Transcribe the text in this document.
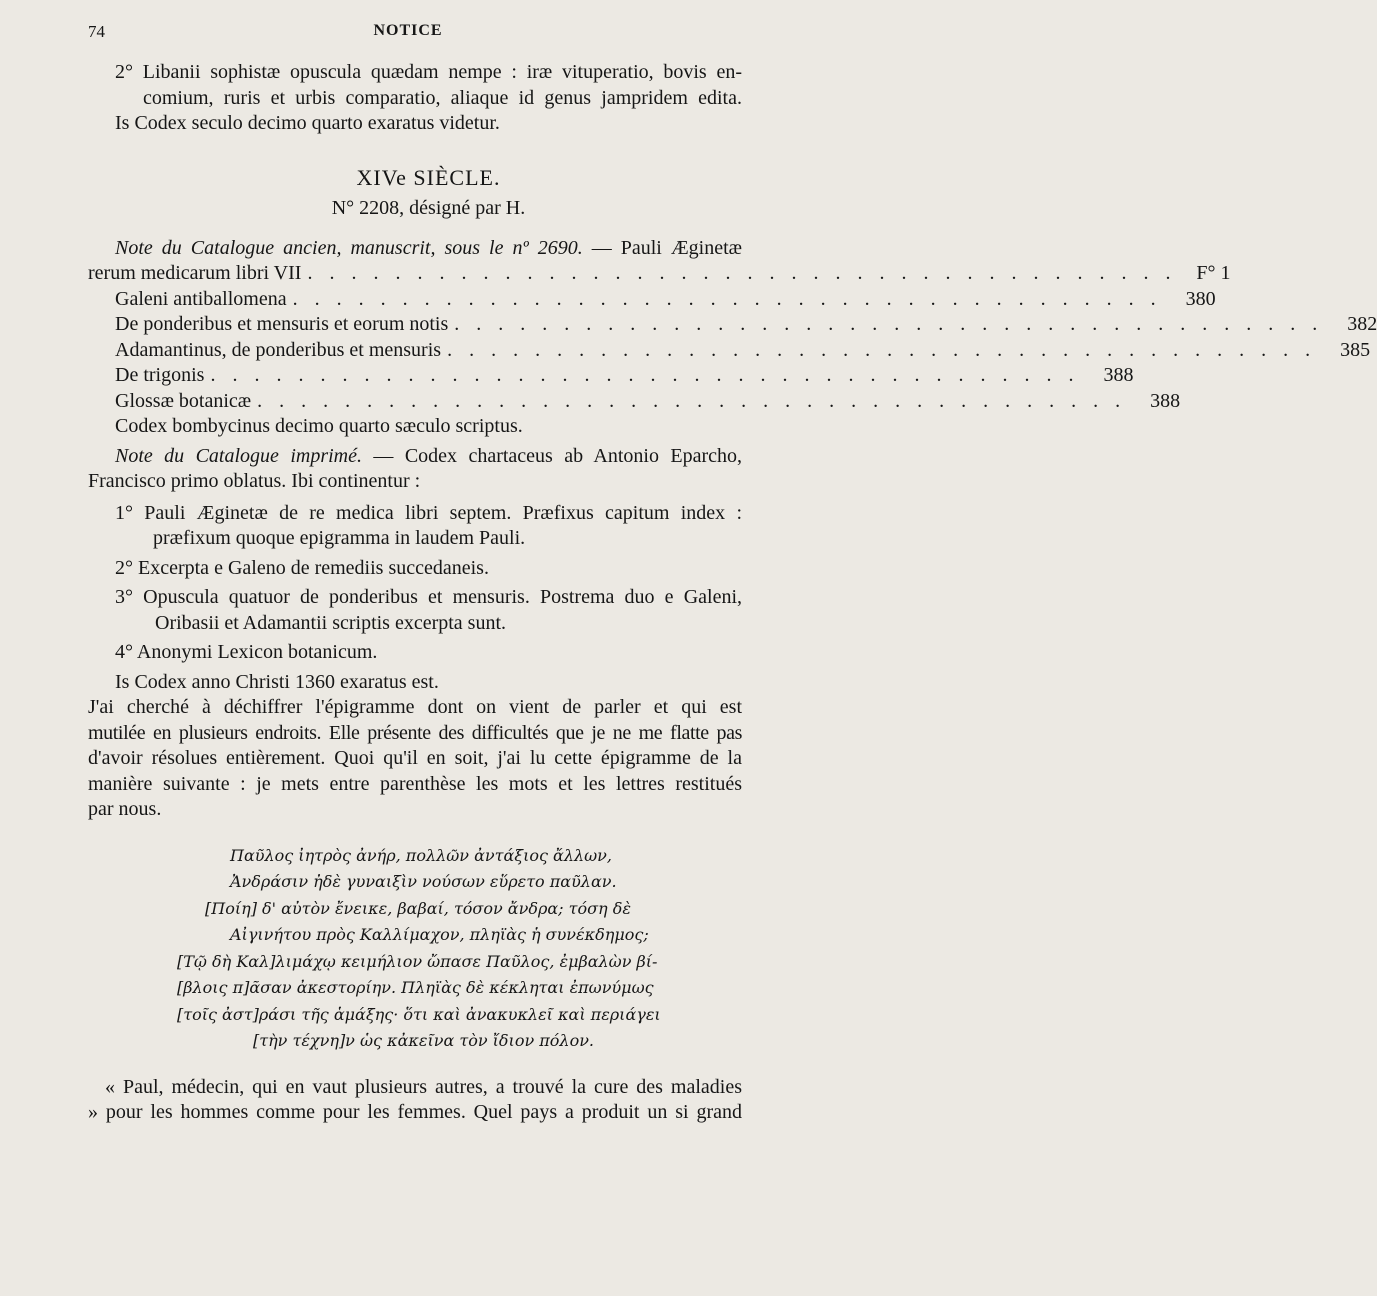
74	NOTICE
2° Libanii sophistæ opuscula quædam nempe : iræ vituperatio, bovis en-
comium, ruris et urbis comparatio, aliaque id genus jampridem edita.
Is Codex seculo decimo quarto exaratus videtur.
XIVe SIÈCLE.
N° 2208, désigné par H.
Note du Catalogue ancien, manuscrit, sous le nº 2690. — Pauli Æginetæ
rerum medicarum libri VII . . . . . . . . . . . . . . . . . . . . . . . . . . . . . . . . . . . . . . . . F° 1
Galeni antiballomena . . . . . . . . . . . . . . . . . . . . . . . . . . . . . . . . . . . . . . . .	380
De ponderibus et mensuris et eorum notis . . . . . . . . . . . . . . . . . . . . . . . . . . . . . . . . . . . . . . . .	382
Adamantinus, de ponderibus et mensuris . . . . . . . . . . . . . . . . . . . . . . . . . . . . . . . . . . . . . . . .	385
De trigonis . . . . . . . . . . . . . . . . . . . . . . . . . . . . . . . . . . . . . . . .	388
Glossæ botanicæ . . . . . . . . . . . . . . . . . . . . . . . . . . . . . . . . . . . . . . . .	388
Codex bombycinus decimo quarto sæculo scriptus.
Note du Catalogue imprimé. — Codex chartaceus ab Antonio Eparcho,
Francisco primo oblatus. Ibi continentur :
1° Pauli Æginetæ de re medica libri septem. Præfixus capitum index :
præfixum quoque epigramma in laudem Pauli.
2° Excerpta e Galeno de remediis succedaneis.
3° Opuscula quatuor de ponderibus et mensuris. Postrema duo e Galeni,
Oribasii et Adamantii scriptis excerpta sunt.
4° Anonymi Lexicon botanicum.
Is Codex anno Christi 1360 exaratus est.
J'ai cherché à déchiffrer l'épigramme dont on vient de parler et qui est
mutilée en plusieurs endroits. Elle présente des difficultés que je ne me flatte pas
d'avoir résolues entièrement. Quoi qu'il en soit, j'ai lu cette épigramme de la
manière suivante : je mets entre parenthèse les mots et les lettres restitués
par nous.
Παῦλος ἰητρὸς ἀνήρ, πολλῶν ἀντάξιος ἄλλων,
Ἀνδράσιν ἠδὲ γυναιξὶν νούσων εὕρετο παῦλαν.
[Ποίη] δ' αὐτὸν ἔνεικε, βαβαί, τόσον ἄνδρα; τόση δὲ
Αἰγινήτου πρὸς Καλλίμαχον, πληϊὰς ἡ συνέκδημος;
[Τῷ δὴ Καλ]λιμάχῳ κειμήλιον ὤπασε Παῦλος, ἐμβαλὼν βί-
[βλοις π]ᾶσαν ἀκεστορίην. Πληϊὰς δὲ κέκληται ἐπωνύμως
[τοῖς ἀστ]ράσι τῆς ἁμάξης· ὅτι καὶ ἀνακυκλεῖ καὶ περιάγει
[τὴν τέχνη]ν ὡς κἀκεῖνα τὸν ἴδιον πόλον.
« Paul, médecin, qui en vaut plusieurs autres, a trouvé la cure des maladies
» pour les hommes comme pour les femmes. Quel pays a produit un si grand
